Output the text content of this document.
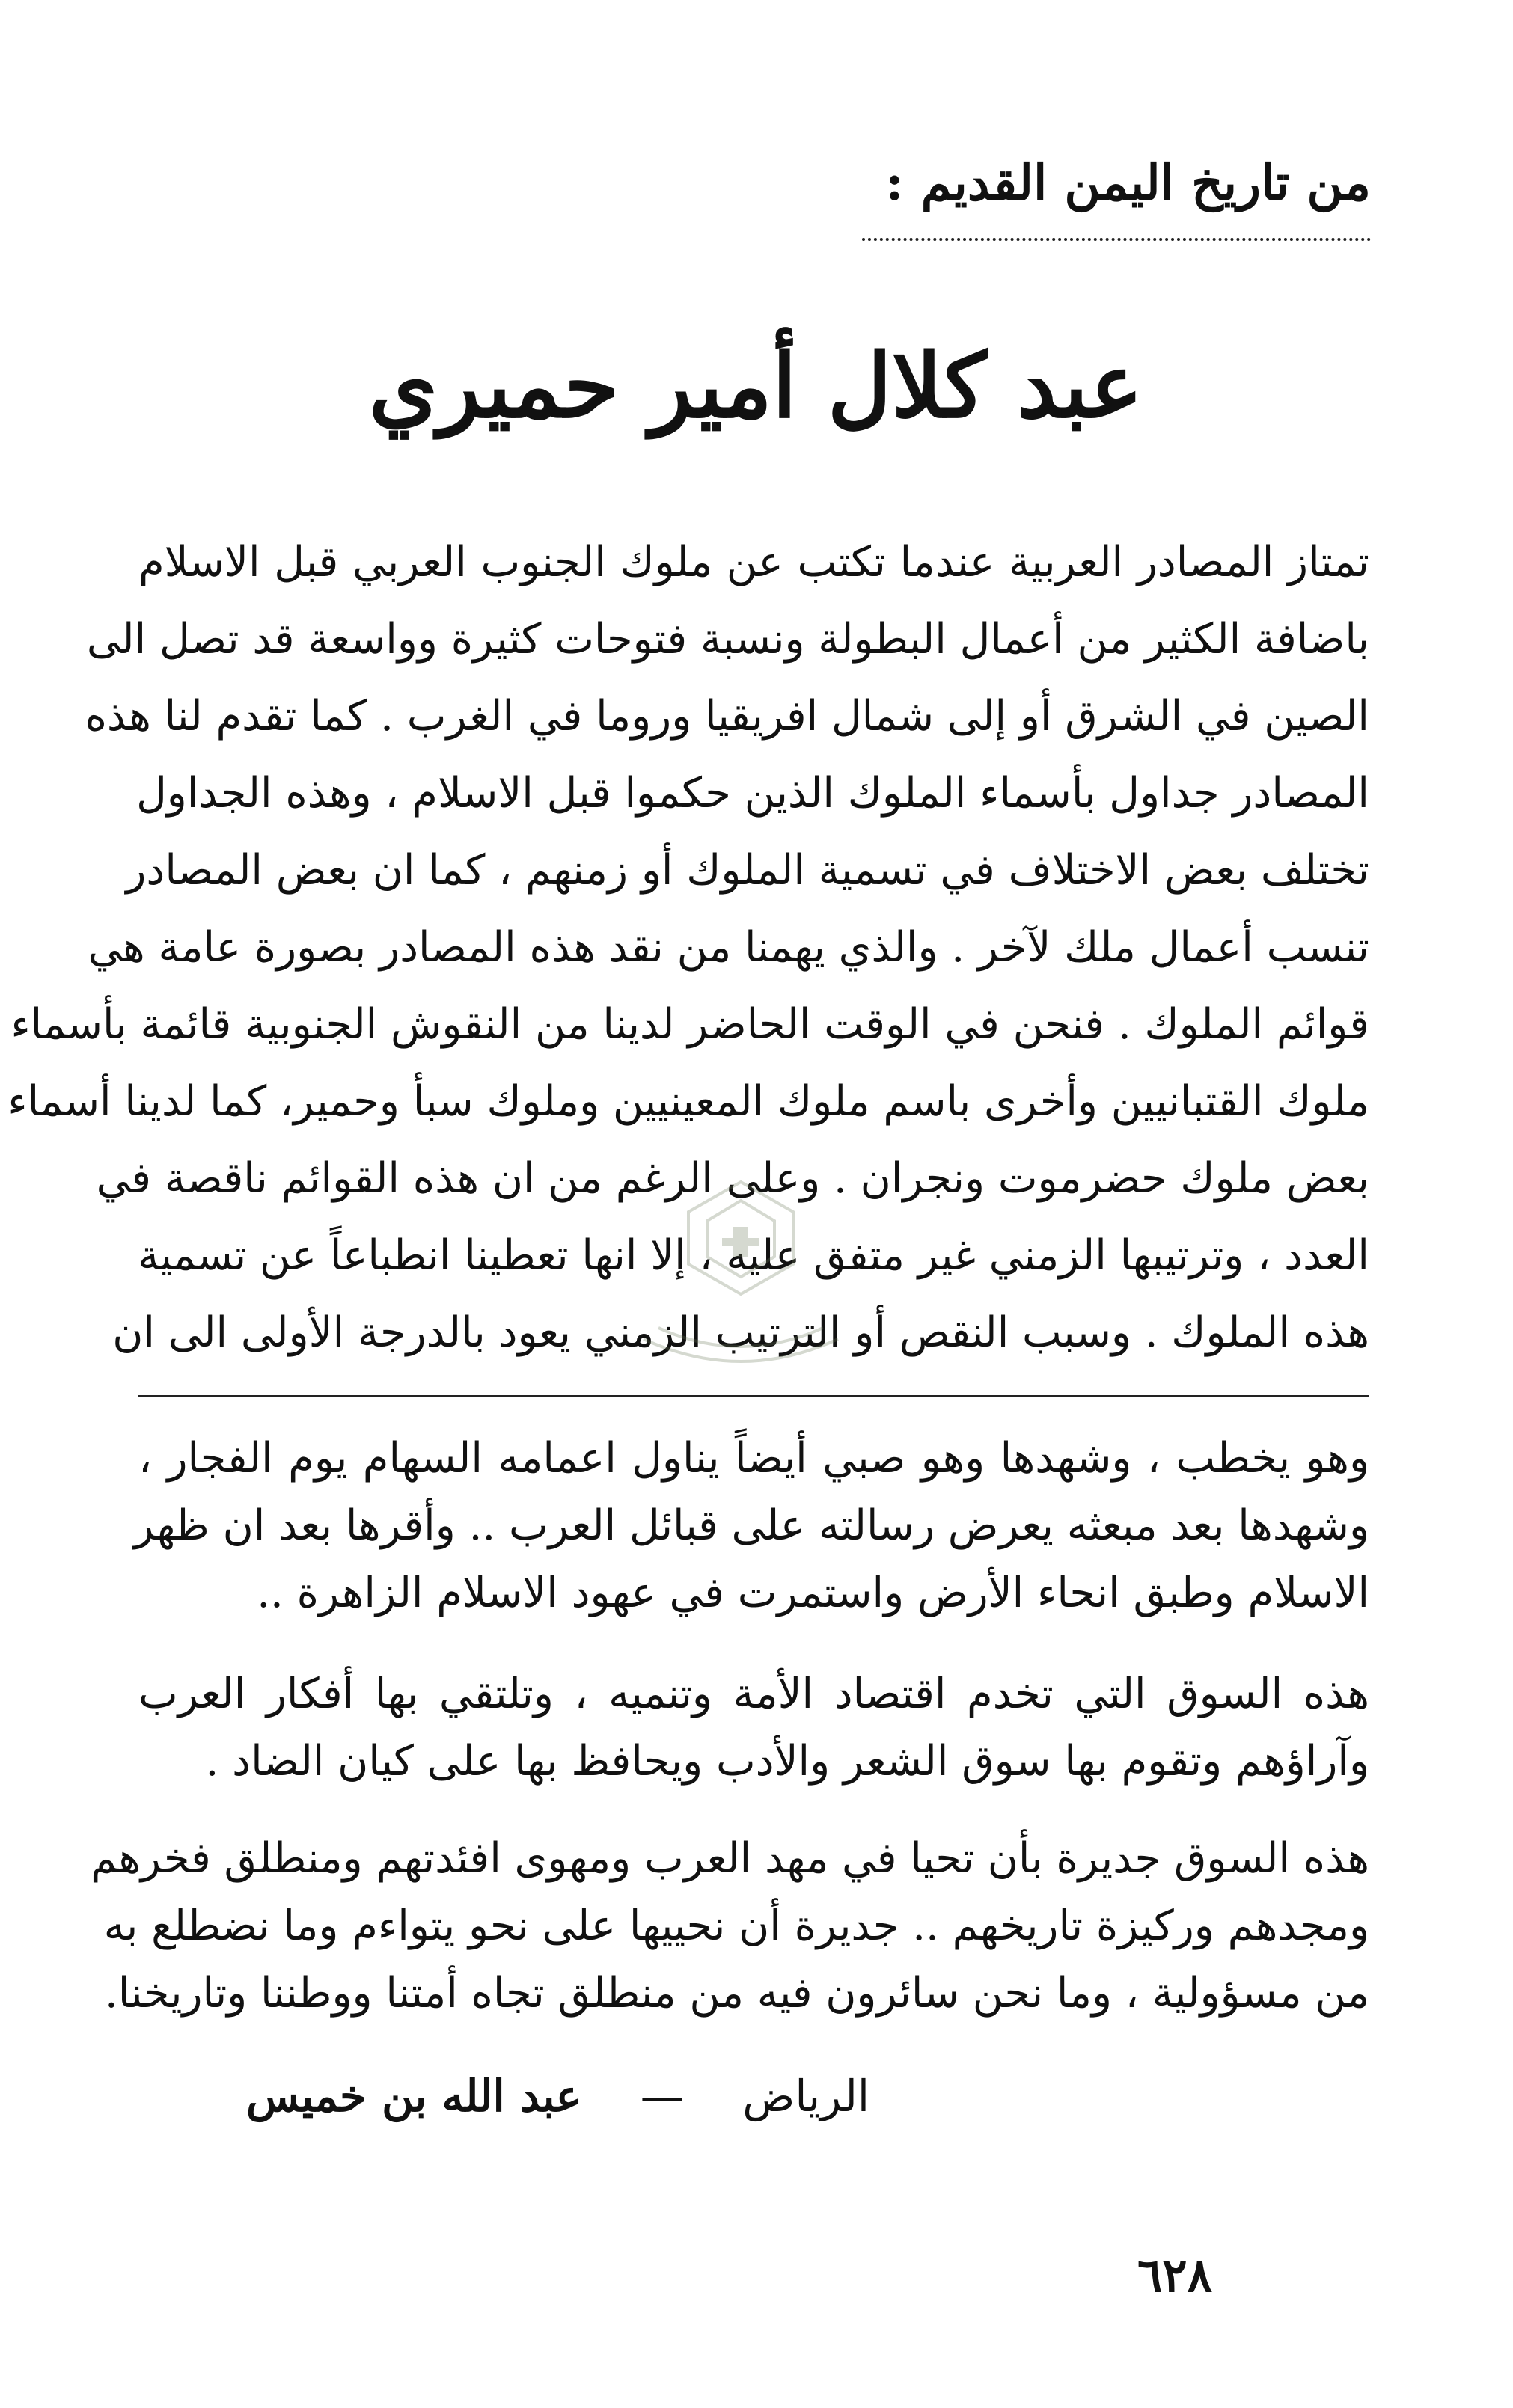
من تاريخ اليمن القديم :
عبد كلال أمير حميري
تمتاز المصادر العربية عندما تكتب عن ملوك الجنوب العربي قبل الاسلام
باضافة الكثير من أعمال البطولة ونسبة فتوحات كثيرة وواسعة قد تصل الى
الصين في الشرق أو إلى شمال افريقيا وروما في الغرب . كما تقدم لنا هذه
المصادر جداول بأسماء الملوك الذين حكموا قبل الاسلام ، وهذه الجداول
تختلف بعض الاختلاف في تسمية الملوك أو زمنهم ، كما ان بعض المصادر
تنسب أعمال ملك لآخر . والذي يهمنا من نقد هذه المصادر بصورة عامة هي
قوائم الملوك . فنحن في الوقت الحاضر لدينا من النقوش الجنوبية قائمة بأسماء
ملوك القتبانيين وأخرى باسم ملوك المعينيين وملوك سبأ وحمير، كما لدينا أسماء
بعض ملوك حضرموت ونجران . وعلى الرغم من ان هذه القوائم ناقصة في
العدد ، وترتيبها الزمني غير متفق عليه ، إلا انها تعطينا انطباعاً عن تسمية
هذه الملوك . وسبب النقص أو الترتيب الزمني يعود بالدرجة الأولى الى ان
وهو يخطب ، وشهدها وهو صبي أيضاً يناول اعمامه السهام يوم الفجار ،
وشهدها بعد مبعثه يعرض رسالته على قبائل العرب .. وأقرها بعد ان ظهر
الاسلام وطبق انحاء الأرض واستمرت في عهود الاسلام الزاهرة ..
هذه السوق التي تخدم اقتصاد الأمة وتنميه ، وتلتقي بها أفكار العرب
وآراؤهم وتقوم بها سوق الشعر والأدب ويحافظ بها على كيان الضاد .
هذه السوق جديرة بأن تحيا في مهد العرب ومهوى افئدتهم ومنطلق فخرهم
ومجدهم وركيزة تاريخهم .. جديرة أن نحييها على نحو يتواءم وما نضطلع به
من مسؤولية ، وما نحن سائرون فيه من منطلق تجاه أمتنا ووطننا وتاريخنا.
الرياض — عبد الله بن خميس
٦٢٨
